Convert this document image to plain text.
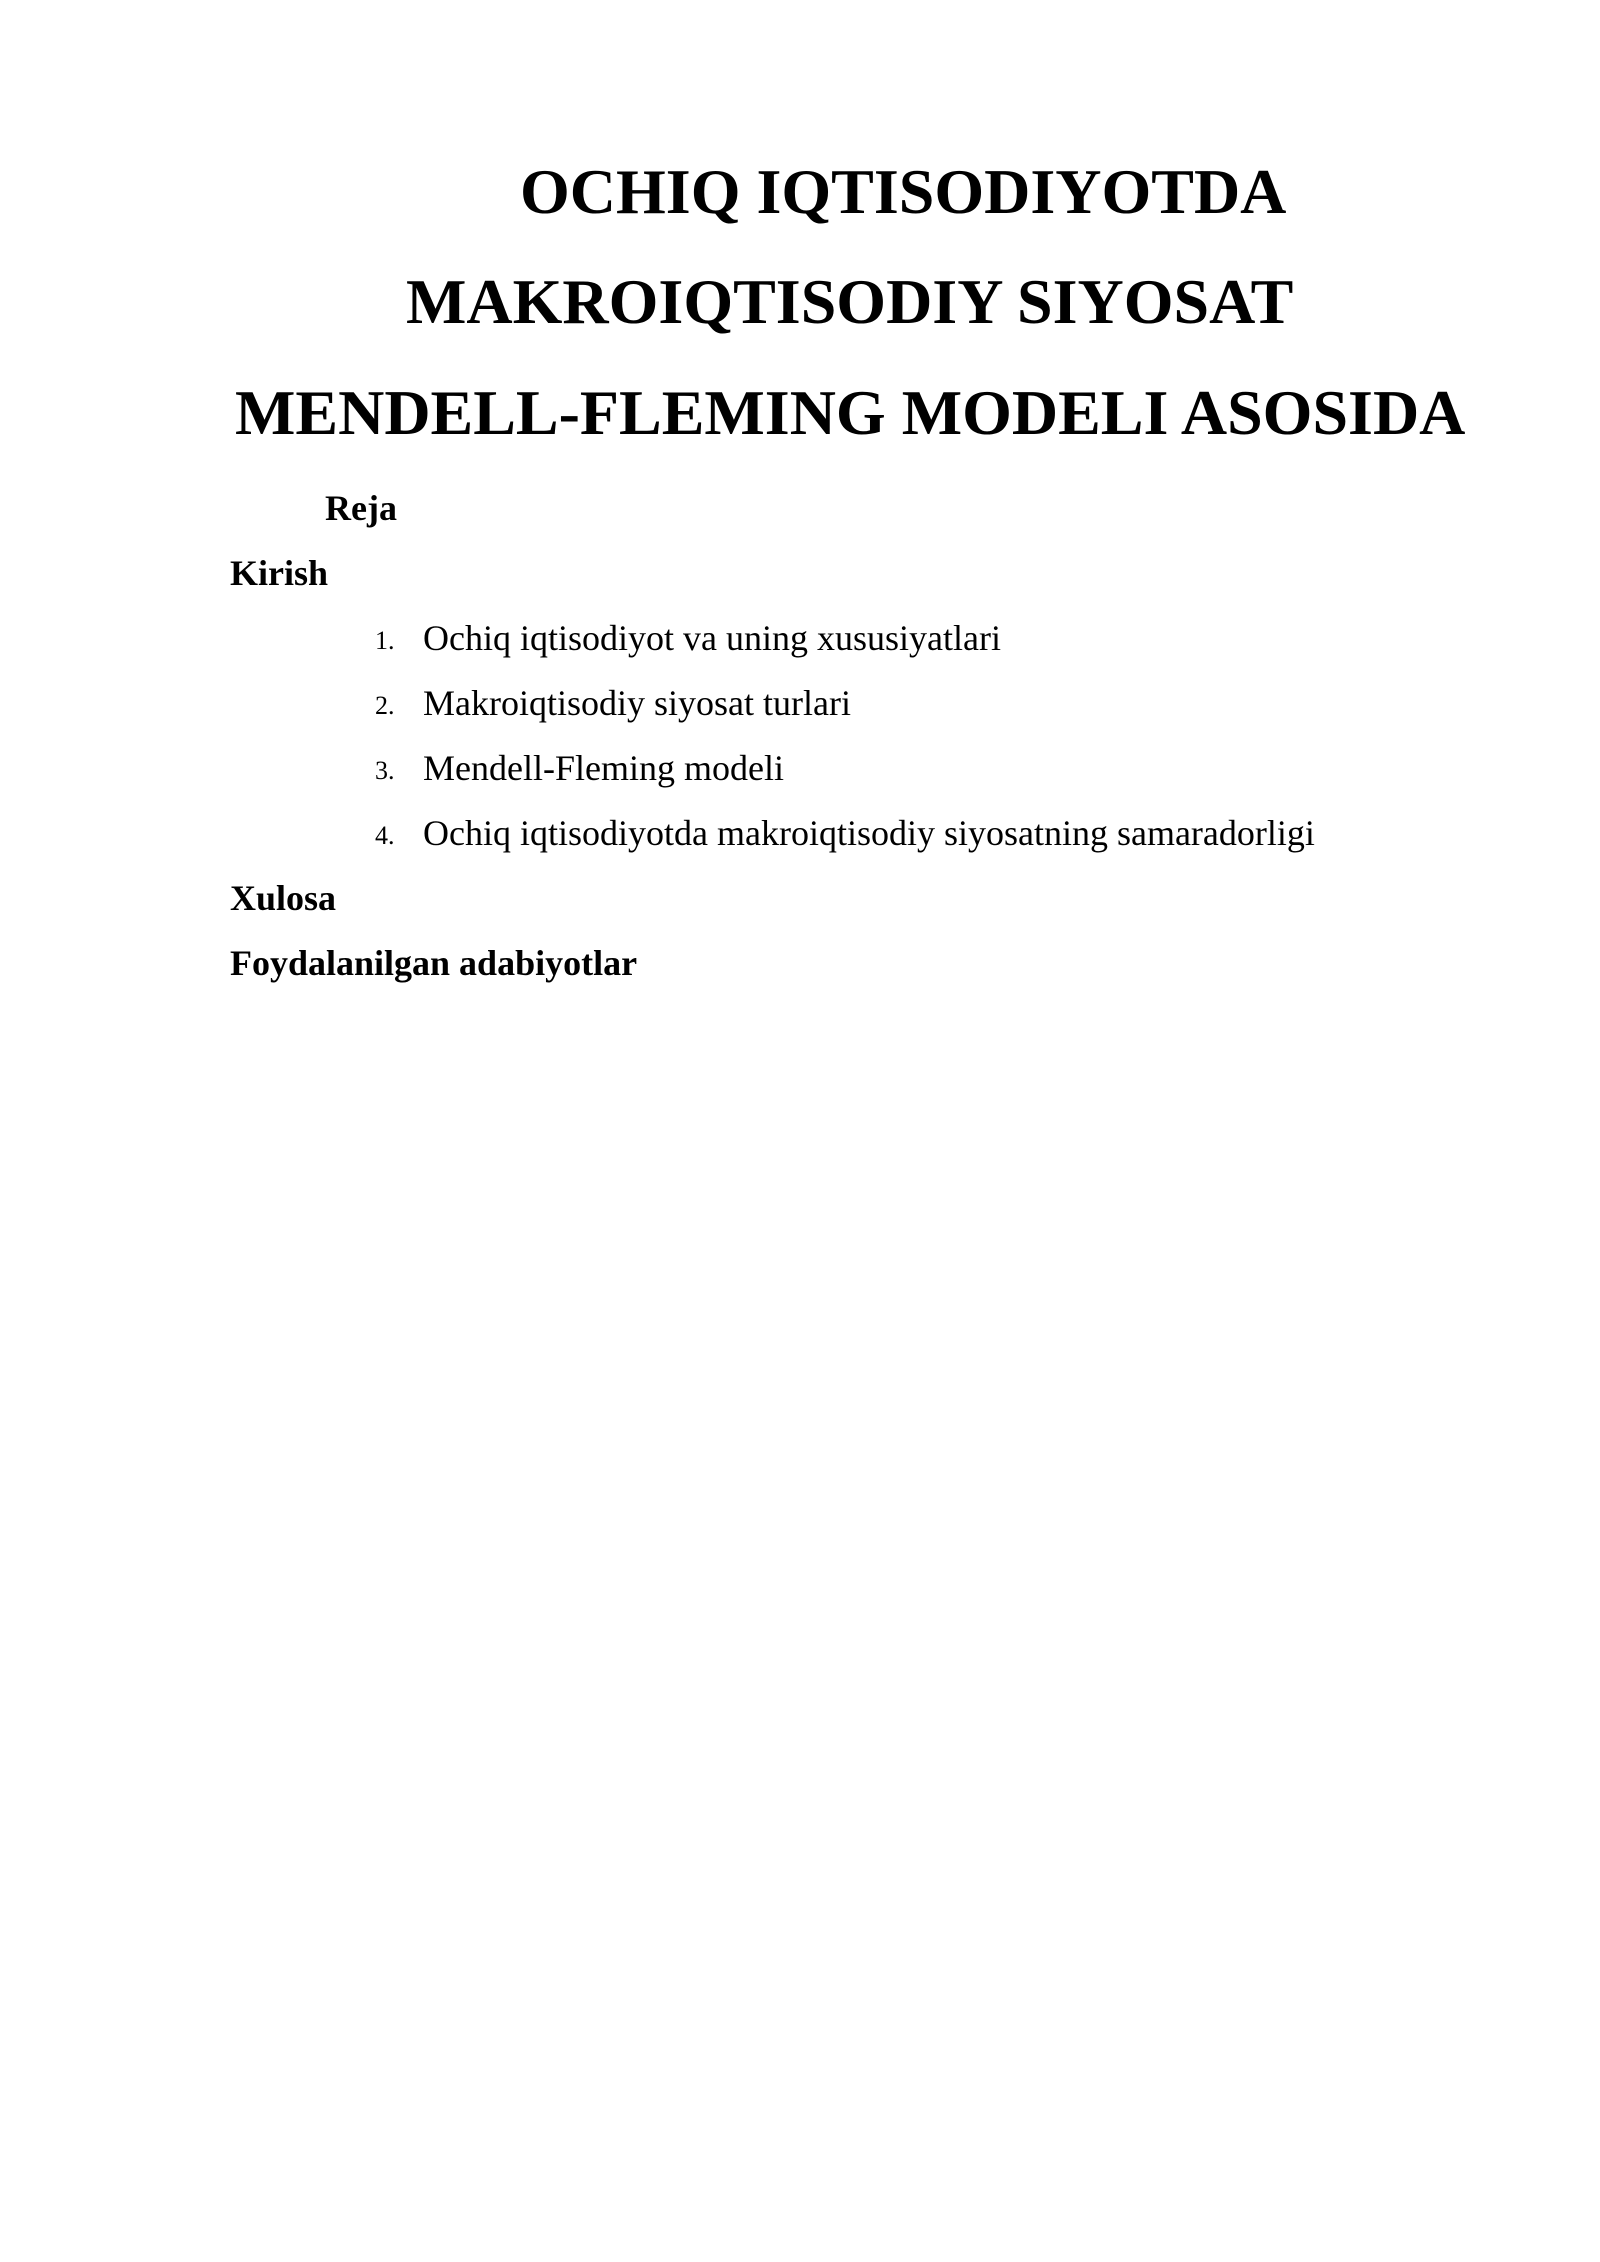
OCHIQ IQTISODIYOTDA
MAKROIQTISODIY SIYOSAT
MENDELL-FLEMING MODELI ASOSIDA
Reja
Kirish
1. Ochiq iqtisodiyot va uning xususiyatlari
2. Makroiqtisodiy siyosat turlari
3. Mendell-Fleming modeli
4. Ochiq iqtisodiyotda makroiqtisodiy siyosatning samaradorligi
Xulosa
Foydalanilgan adabiyotlar
